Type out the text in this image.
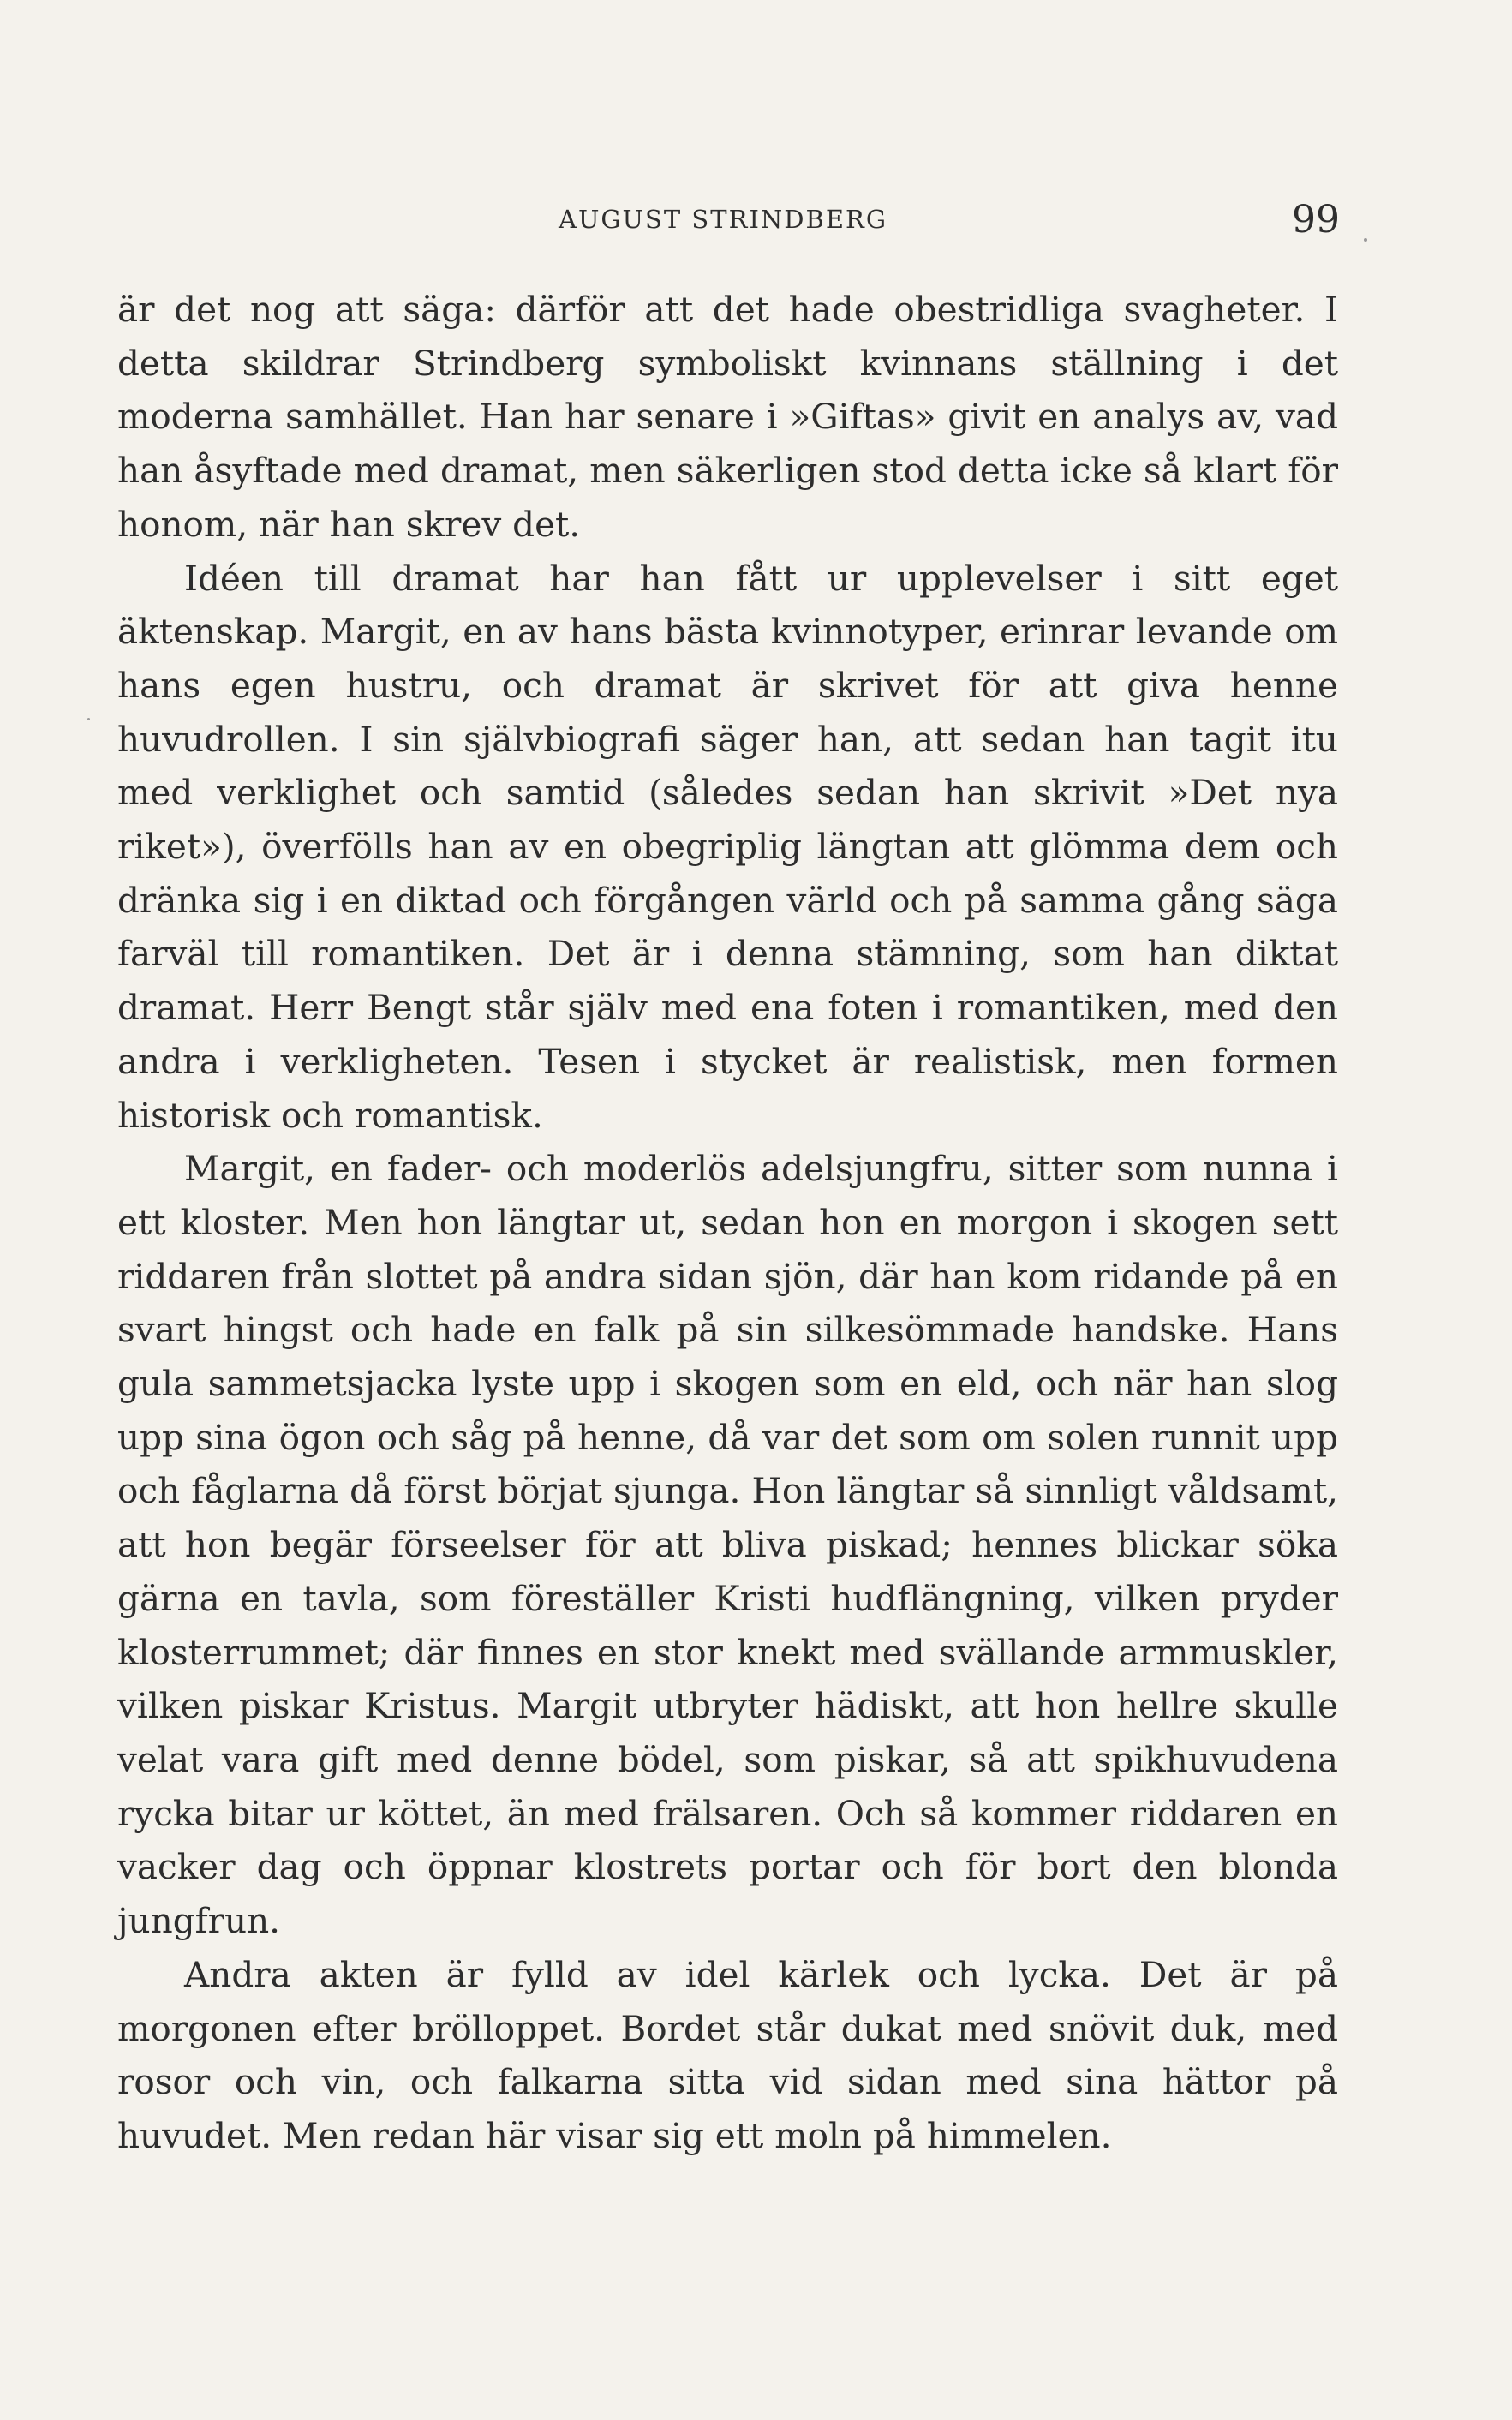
AUGUST STRINDBERG	99

är det nog att säga: därför att det hade obestridliga svagheter. I detta skildrar Strindberg symboliskt kvinnans ställning i det moderna samhället. Han har senare i »Giftas» givit en analys av, vad han åsyftade med dramat, men säkerligen stod detta icke så klart för honom, när han skrev det.

Idéen till dramat har han fått ur upplevelser i sitt eget äktenskap. Margit, en av hans bästa kvinnotyper, erinrar levande om hans egen hustru, och dramat är skrivet för att giva henne huvudrollen. I sin självbiografi säger han, att sedan han tagit itu med verklighet och samtid (således sedan han skrivit »Det nya riket»), överfölls han av en obegriplig längtan att glömma dem och dränka sig i en diktad och förgången värld och på samma gång säga farväl till romantiken. Det är i denna stämning, som han diktat dramat. Herr Bengt står själv med ena foten i romantiken, med den andra i verkligheten. Tesen i stycket är realistisk, men formen historisk och romantisk.

Margit, en fader- och moderlös adelsjungfru, sitter som nunna i ett kloster. Men hon längtar ut, sedan hon en morgon i skogen sett riddaren från slottet på andra sidan sjön, där han kom ridande på en svart hingst och hade en falk på sin silkesömmade handske. Hans gula sammetsjacka lyste upp i skogen som en eld, och när han slog upp sina ögon och såg på henne, då var det som om solen runnit upp och fåglarna då först börjat sjunga. Hon längtar så sinnligt våldsamt, att hon begär förseelser för att bliva piskad; hennes blickar söka gärna en tavla, som föreställer Kristi hudflängning, vilken pryder klosterrummet; där finnes en stor knekt med svällande armmuskler, vilken piskar Kristus. Margit utbryter hädiskt, att hon hellre skulle velat vara gift med denne bödel, som piskar, så att spikhuvudena rycka bitar ur köttet, än med frälsaren. Och så kommer riddaren en vacker dag och öppnar klostrets portar och för bort den blonda jungfrun.

Andra akten är fylld av idel kärlek och lycka. Det är på morgonen efter brölloppet. Bordet står dukat med snövit duk, med rosor och vin, och falkarna sitta vid sidan med sina hättor på huvudet. Men redan här visar sig ett moln på himmelen.
